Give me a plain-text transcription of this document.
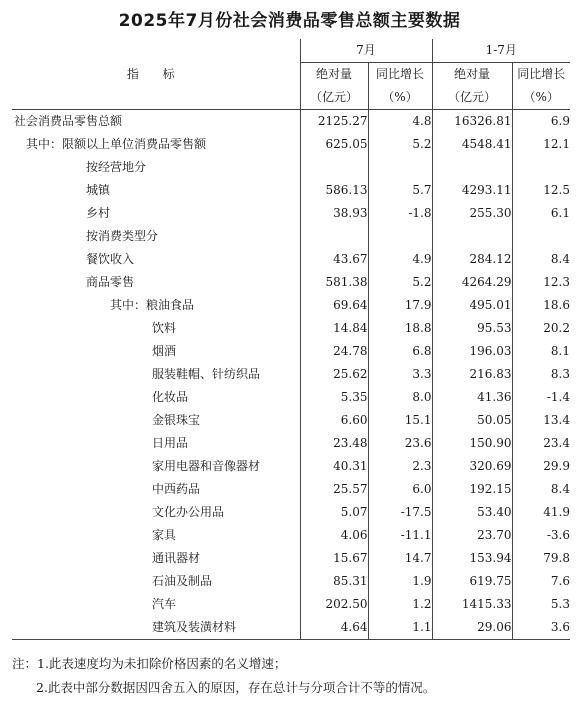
2025年7月份社会消费品零售总额主要数据
指 标	7月		1-7月	
	绝对量	同比增长	绝对量	同比增长
	（亿元）	（%）	（亿元）	（%）
社会消费品零售总额	2125.27	4.8	16326.81	6.9
其中：限额以上单位消费品零售额	625.05	5.2	4548.41	12.1
按经营地分				
城镇	586.13	5.7	4293.11	12.5
乡村	38.93	-1.8	255.30	6.1
按消费类型分				
餐饮收入	43.67	4.9	284.12	8.4
商品零售	581.38	5.2	4264.29	12.3
其中：粮油食品	69.64	17.9	495.01	18.6
饮料	14.84	18.8	95.53	20.2
烟酒	24.78	6.8	196.03	8.1
服装鞋帽、针纺织品	25.62	3.3	216.83	8.3
化妆品	5.35	8.0	41.36	-1.4
金银珠宝	6.60	15.1	50.05	13.4
日用品	23.48	23.6	150.90	23.4
家用电器和音像器材	40.31	2.3	320.69	29.9
中西药品	25.57	6.0	192.15	8.4
文化办公用品	5.07	-17.5	53.40	41.9
家具	4.06	-11.1	23.70	-3.6
通讯器材	15.67	14.7	153.94	79.8
石油及制品	85.31	1.9	619.75	7.6
汽车	202.50	1.2	1415.33	5.3
建筑及装潢材料	4.64	1.1	29.06	3.6
注：1.此表速度均为未扣除价格因素的名义增速；
2.此表中部分数据因四舍五入的原因，存在总计与分项合计不等的情况。
